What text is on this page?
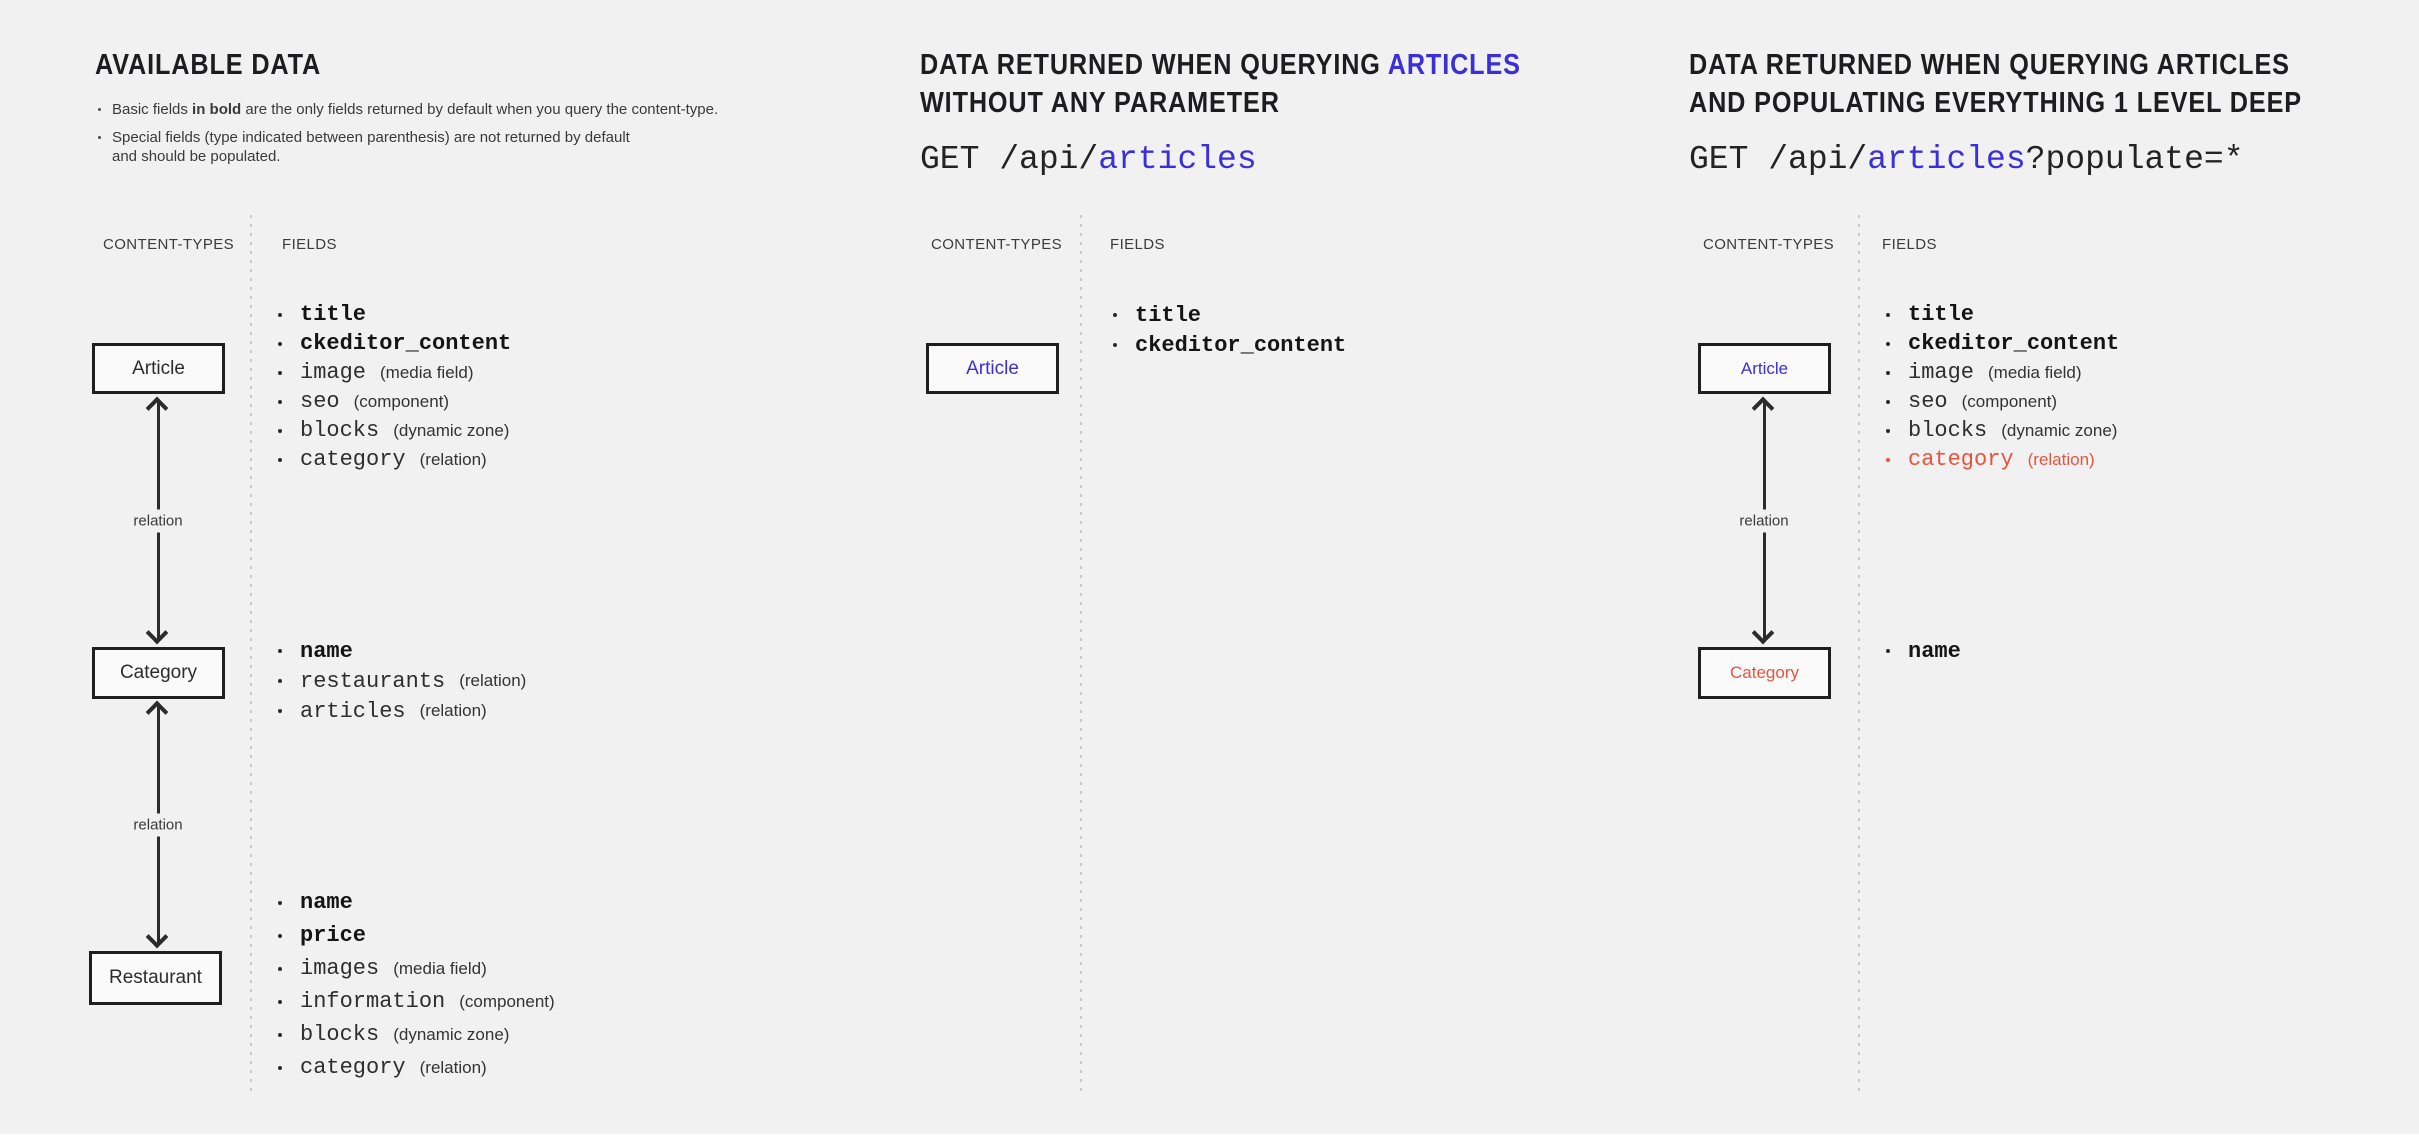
AVAILABLE DATA
Basic fields in bold are the only fields returned by default when you query the content-type.
Special fields (type indicated between parenthesis) are not returned by default
and should be populated.
CONTENT-TYPES	FIELDS
Article
relation
Category
relation
Restaurant
title
ckeditor_content
image (media field)
seo (component)
blocks (dynamic zone)
category (relation)
name
restaurants (relation)
articles (relation)
name
price
images (media field)
information (component)
blocks (dynamic zone)
category (relation)
DATA RETURNED WHEN QUERYING ARTICLES
WITHOUT ANY PARAMETER
GET /api/articles
CONTENT-TYPES	FIELDS
Article
title
ckeditor_content
DATA RETURNED WHEN QUERYING ARTICLES
AND POPULATING EVERYTHING 1 LEVEL DEEP
GET /api/articles?populate=*
CONTENT-TYPES	FIELDS
Article
relation
Category
title
ckeditor_content
image (media field)
seo (component)
blocks (dynamic zone)
category (relation)
name
